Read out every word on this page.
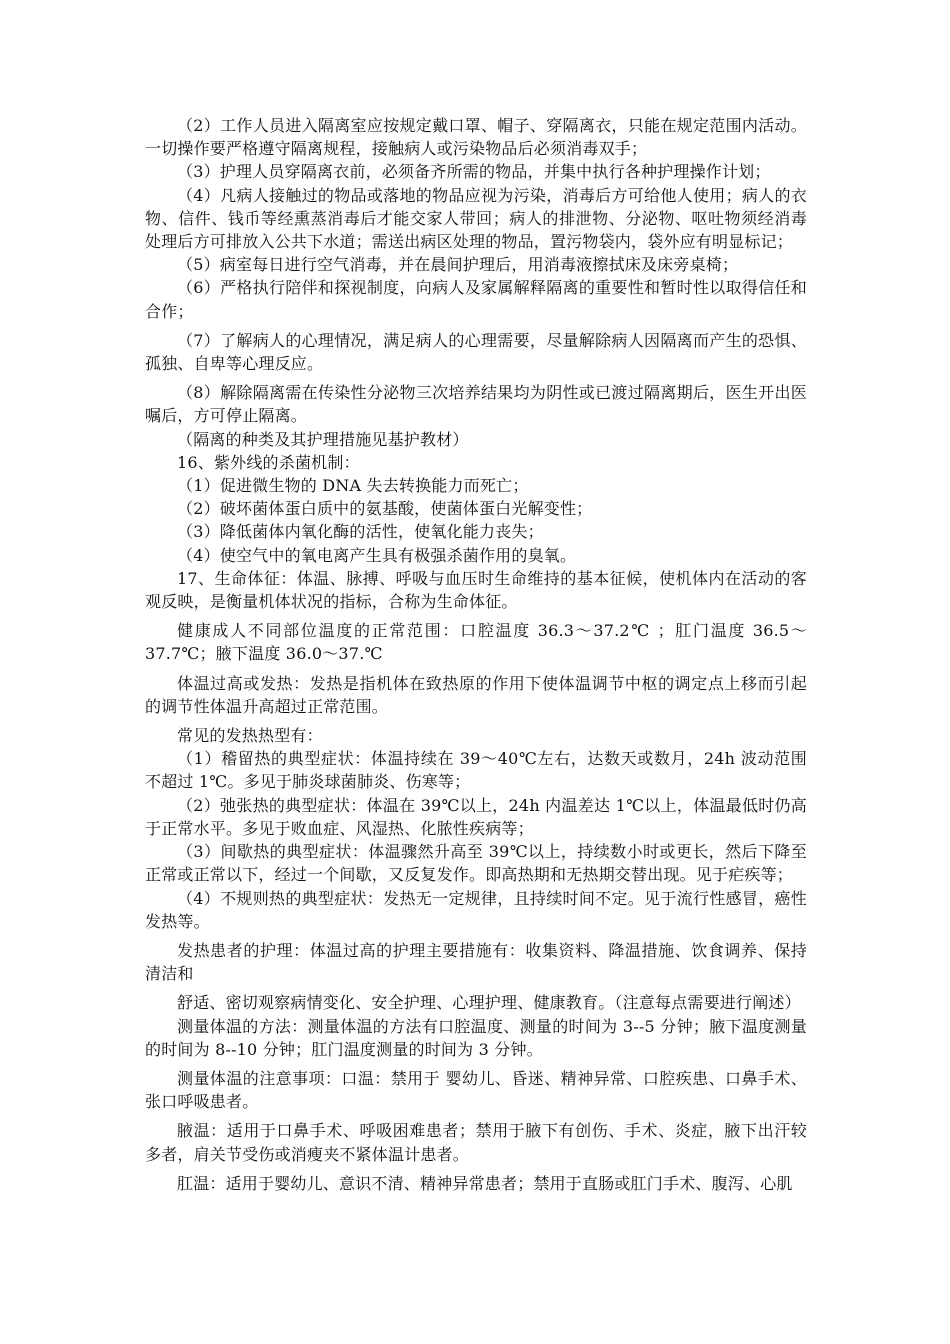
（2）工作人员进入隔离室应按规定戴口罩、帽子、穿隔离衣，只能在规定范围内活动。一切操作要严格遵守隔离规程，接触病人或污染物品后必须消毒双手；

（3）护理人员穿隔离衣前，必须备齐所需的物品，并集中执行各种护理操作计划；

（4）凡病人接触过的物品或落地的物品应视为污染，消毒后方可给他人使用；病人的衣物、信件、钱币等经熏蒸消毒后才能交家人带回；病人的排泄物、分泌物、呕吐物须经消毒处理后方可排放入公共下水道；需送出病区处理的物品，置污物袋内，袋外应有明显标记；

（5）病室每日进行空气消毒，并在晨间护理后，用消毒液擦拭床及床旁桌椅；

（6）严格执行陪伴和探视制度，向病人及家属解释隔离的重要性和暂时性以取得信任和合作；

（7）了解病人的心理情况，满足病人的心理需要，尽量解除病人因隔离而产生的恐惧、孤独、自卑等心理反应。

（8）解除隔离需在传染性分泌物三次培养结果均为阴性或已渡过隔离期后，医生开出医嘱后，方可停止隔离。

（隔离的种类及其护理措施见基护教材）

16、紫外线的杀菌机制：

（1）促进微生物的 DNA 失去转换能力而死亡；

（2）破坏菌体蛋白质中的氨基酸，使菌体蛋白光解变性；

（3）降低菌体内氧化酶的活性，使氧化能力丧失；

（4）使空气中的氧电离产生具有极强杀菌作用的臭氧。

17、生命体征：体温、脉搏、呼吸与血压时生命维持的基本征候，使机体内在活动的客观反映，是衡量机体状况的指标，合称为生命体征。

健康成人不同部位温度的正常范围：口腔温度 36.3～37.2℃ ；肛门温度 36.5～37.7℃；腋下温度 36.0～37.℃

体温过高或发热：发热是指机体在致热原的作用下使体温调节中枢的调定点上移而引起的调节性体温升高超过正常范围。

常见的发热热型有：

（1）稽留热的典型症状：体温持续在 39～40℃左右，达数天或数月，24h 波动范围不超过 1℃。多见于肺炎球菌肺炎、伤寒等；

（2）弛张热的典型症状：体温在 39℃以上，24h 内温差达 1℃以上，体温最低时仍高于正常水平。多见于败血症、风湿热、化脓性疾病等；

（3）间歇热的典型症状：体温骤然升高至 39℃以上，持续数小时或更长，然后下降至正常或正常以下，经过一个间歇，又反复发作。即高热期和无热期交替出现。见于疟疾等；

（4）不规则热的典型症状：发热无一定规律，且持续时间不定。见于流行性感冒，癌性发热等。

发热患者的护理：体温过高的护理主要措施有：收集资料、降温措施、饮食调养、保持清洁和

舒适、密切观察病情变化、安全护理、心理护理、健康教育。（注意每点需要进行阐述）

测量体温的方法：测量体温的方法有口腔温度、测量的时间为 3--5 分钟；腋下温度测量的时间为 8--10 分钟；肛门温度测量的时间为 3 分钟。

测量体温的注意事项：口温：禁用于 婴幼儿、昏迷、精神异常、口腔疾患、口鼻手术、张口呼吸患者。

腋温：适用于口鼻手术、呼吸困难患者；禁用于腋下有创伤、手术、炎症，腋下出汗较多者，肩关节受伤或消瘦夹不紧体温计患者。

肛温：适用于婴幼儿、意识不清、精神异常患者；禁用于直肠或肛门手术、腹泻、心肌
